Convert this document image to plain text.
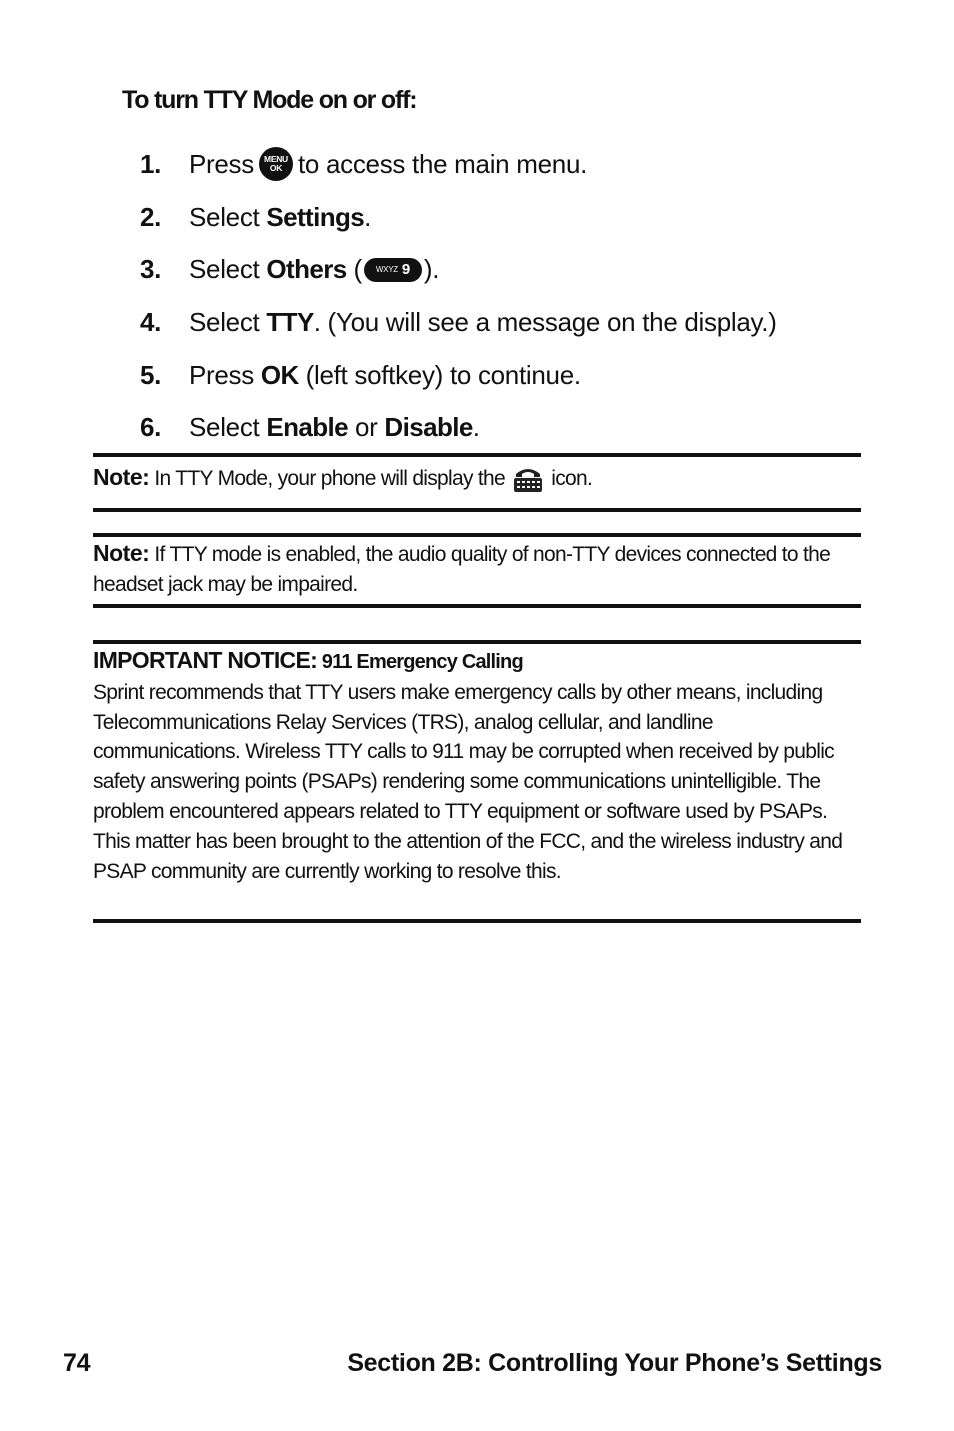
To turn TTY Mode on or off:
1.	Press MENU
OK to access the main menu.
2.	Select Settings .
3.	Select Others ( WXYZ 9 ).
4.	Select TTY . (You will see a message on the display.)
5.	Press OK (left softkey) to continue.
6.	Select Enable or Disable .
Note: In TTY Mode, your phone will display the  icon.
Note: If TTY mode is enabled, the audio quality of non-TTY devices connected to the headset jack may be impaired.
IMPORTANT NOTICE: 911 Emergency Calling
Sprint recommends that TTY users make emergency calls by other means, including Telecommunications Relay Services (TRS), analog cellular, and landline communications. Wireless TTY calls to 911 may be corrupted when received by public safety answering points (PSAPs) rendering some communications unintelligible. The problem encountered appears related to TTY equipment or software used by PSAPs. This matter has been brought to the attention of the FCC, and the wireless industry and PSAP community are currently working to resolve this.
74	Section 2B: Controlling Your Phone’s Settings
